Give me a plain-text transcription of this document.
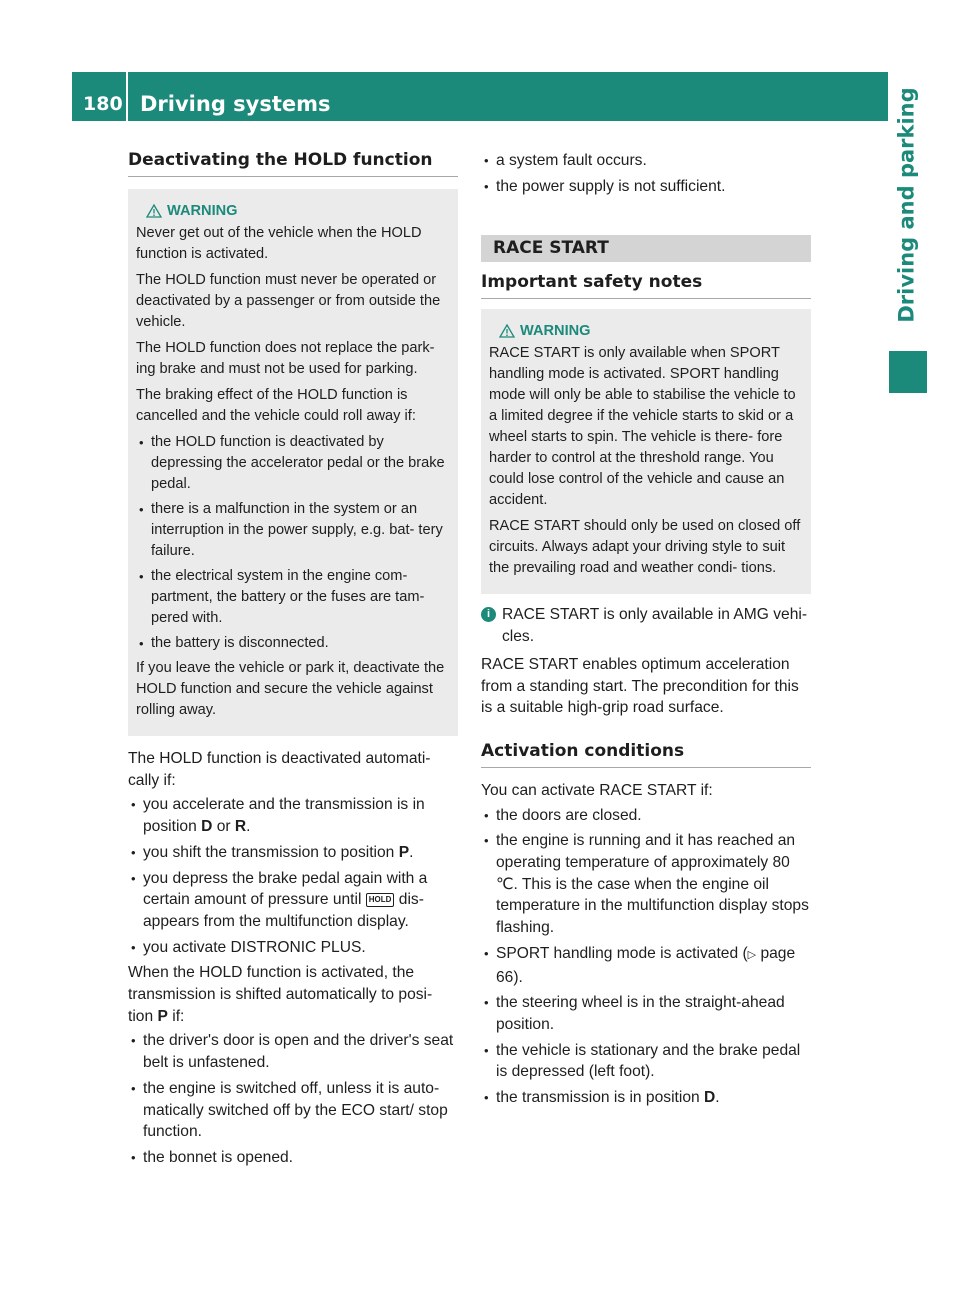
180 Driving systems	Driving and parking
Deactivating the HOLD function
WARNING

Never get out of the vehicle when the HOLD function is activated.

The HOLD function must never be operated or deactivated by a passenger or from outside the vehicle.

The HOLD function does not replace the park- ing brake and must not be used for parking.

The braking effect of the HOLD function is cancelled and the vehicle could roll away if:

• the HOLD function is deactivated by depressing the accelerator pedal or the brake pedal.
• there is a malfunction in the system or an interruption in the power supply, e.g. bat- tery failure.
• the electrical system in the engine com- partment, the battery or the fuses are tam- pered with.
• the battery is disconnected.

If you leave the vehicle or park it, deactivate the HOLD function and secure the vehicle against rolling away.

The HOLD function is deactivated automati- cally if:

• you accelerate and the transmission is in position D or R.
• you shift the transmission to position P.
• you depress the brake pedal again with a certain amount of pressure until HOLD dis- appears from the multifunction display.
• you activate DISTRONIC PLUS.

When the HOLD function is activated, the transmission is shifted automatically to posi- tion P if:

• the driver's door is open and the driver's seat belt is unfastened.
• the engine is switched off, unless it is auto- matically switched off by the ECO start/ stop function.
• the bonnet is opened.
• a system fault occurs.
• the power supply is not sufficient.
RACE START
Important safety notes
WARNING

RACE START is only available when SPORT handling mode is activated. SPORT handling mode will only be able to stabilise the vehicle to a limited degree if the vehicle starts to skid or a wheel starts to spin. The vehicle is there- fore harder to control at the threshold range. You could lose control of the vehicle and cause an accident.

RACE START should only be used on closed off circuits. Always adapt your driving style to suit the prevailing road and weather condi- tions.

i RACE START is only available in AMG vehi- cles.

RACE START enables optimum acceleration from a standing start. The precondition for this is a suitable high-grip road surface.

Activation conditions

You can activate RACE START if:

• the doors are closed.
• the engine is running and it has reached an operating temperature of approximately 80 ℃. This is the case when the engine oil temperature in the multifunction display stops flashing.
• SPORT handling mode is activated (▷ page 66).
• the steering wheel is in the straight-ahead position.
• the vehicle is stationary and the brake pedal is depressed (left foot).
• the transmission is in position D.
